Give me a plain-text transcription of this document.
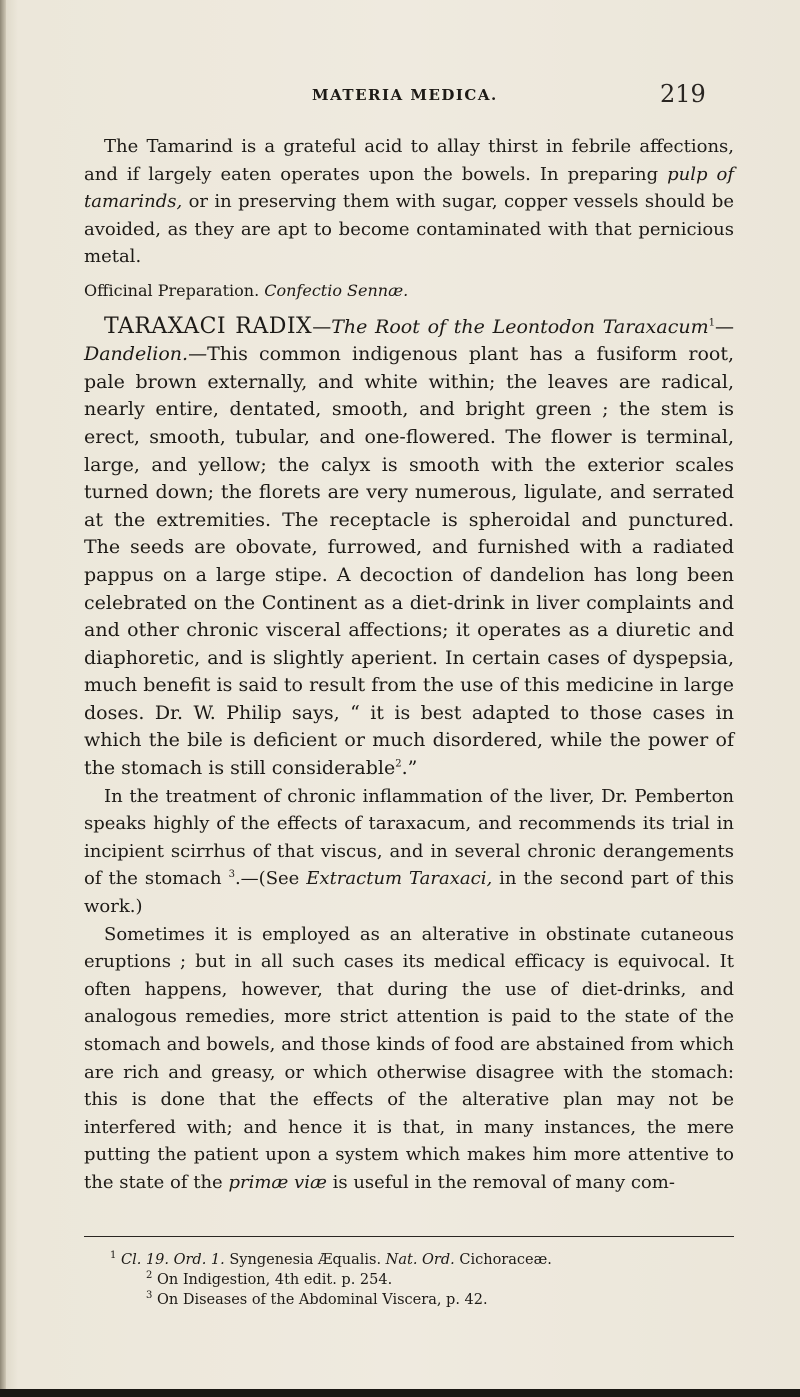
MATERIA MEDICA.	219

The Tamarind is a grateful acid to allay thirst in febrile affections, and if largely eaten operates upon the bowels. In preparing pulp of tamarinds, or in preserving them with sugar, copper vessels should be avoided, as they are apt to become contaminated with that pernicious metal.

Officinal Preparation. Confectio Sennæ.

TARAXACI RADIX—The Root of the Leontodon Taraxacum$^1$—Dandelion.—This common indigenous plant has a fusiform root, pale brown externally, and white within; the leaves are radical, nearly entire, dentated, smooth, and bright green ; the stem is erect, smooth, tubular, and one-flowered. The flower is terminal, large, and yellow; the calyx is smooth with the exterior scales turned down; the florets are very numerous, ligulate, and serrated at the extremities. The receptacle is spheroidal and punctured. The seeds are obovate, furrowed, and furnished with a radiated pappus on a large stipe. A decoction of dandelion has long been celebrated on the Continent as a diet-drink in liver complaints and and other chronic visceral affections; it operates as a diuretic and diaphoretic, and is slightly aperient. In certain cases of dyspepsia, much benefit is said to result from the use of this medicine in large doses. Dr. W. Philip says, “ it is best adapted to those cases in which the bile is deficient or much disordered, while the power of the stomach is still considerable$^2$.”

In the treatment of chronic inflammation of the liver, Dr. Pemberton speaks highly of the effects of taraxacum, and recommends its trial in incipient scirrhus of that viscus, and in several chronic derangements of the stomach $^3$.—(See Extractum Taraxaci, in the second part of this work.)

Sometimes it is employed as an alterative in obstinate cutaneous eruptions ; but in all such cases its medical efficacy is equivocal. It often happens, however, that during the use of diet-drinks, and analogous remedies, more strict attention is paid to the state of the stomach and bowels, and those kinds of food are abstained from which are rich and greasy, or which otherwise disagree with the stomach: this is done that the effects of the alterative plan may not be interfered with; and hence it is that, in many instances, the mere putting the patient upon a system which makes him more attentive to the state of the primæ viæ is useful in the removal of many com-

$^1$ Cl. 19. Ord. 1. Syngenesia Æqualis. Nat. Ord. Cichoraceæ.
$^2$ On Indigestion, 4th edit. p. 254.
$^3$ On Diseases of the Abdominal Viscera, p. 42.
